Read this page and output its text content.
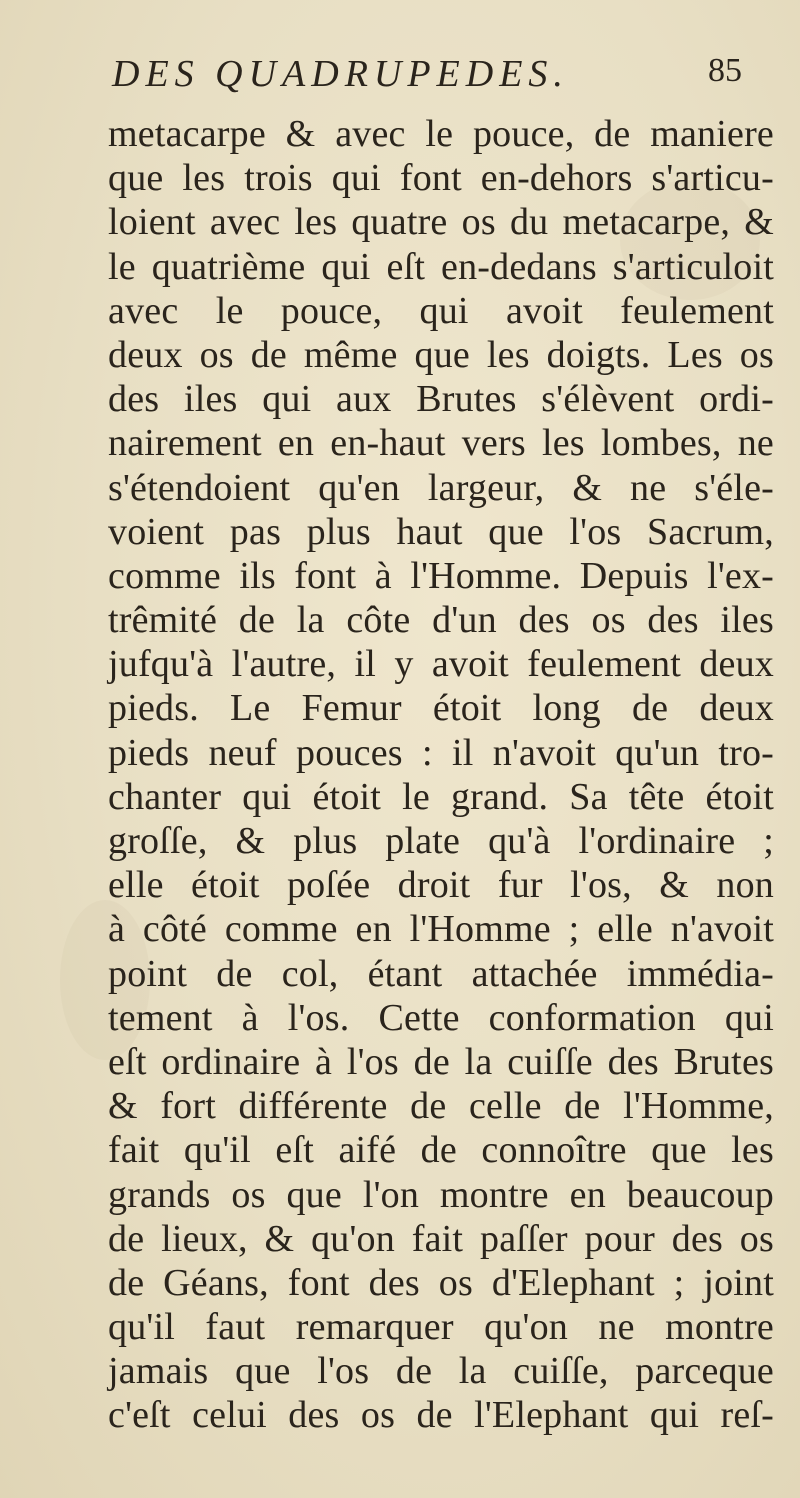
DES QUADRUPEDES.	85
metacarpe & avec le pouce, de maniere
que les trois qui font en-dehors s'articu-
loient avec les quatre os du metacarpe, &
le quatrième qui eſt en-dedans s'articuloit
avec le pouce, qui avoit feulement
deux os de même que les doigts. Les os
des iles qui aux Brutes s'élèvent ordi-
nairement en en-haut vers les lombes, ne
s'étendoient qu'en largeur, & ne s'éle-
voient pas plus haut que l'os Sacrum,
comme ils font à l'Homme. Depuis l'ex-
trêmité de la côte d'un des os des iles
jufqu'à l'autre, il y avoit feulement deux
pieds. Le Femur étoit long de deux
pieds neuf pouces : il n'avoit qu'un tro-
chanter qui étoit le grand. Sa tête étoit
groſſe, & plus plate qu'à l'ordinaire ;
elle étoit poſée droit fur l'os, & non
à côté comme en l'Homme ; elle n'avoit
point de col, étant attachée immédia-
tement à l'os. Cette conformation qui
eſt ordinaire à l'os de la cuiſſe des Brutes
& fort différente de celle de l'Homme,
fait qu'il eſt aifé de connoître que les
grands os que l'on montre en beaucoup
de lieux, & qu'on fait paſſer pour des os
de Géans, font des os d'Elephant ; joint
qu'il faut remarquer qu'on ne montre
jamais que l'os de la cuiſſe, parceque
c'eſt celui des os de l'Elephant qui reſ-
